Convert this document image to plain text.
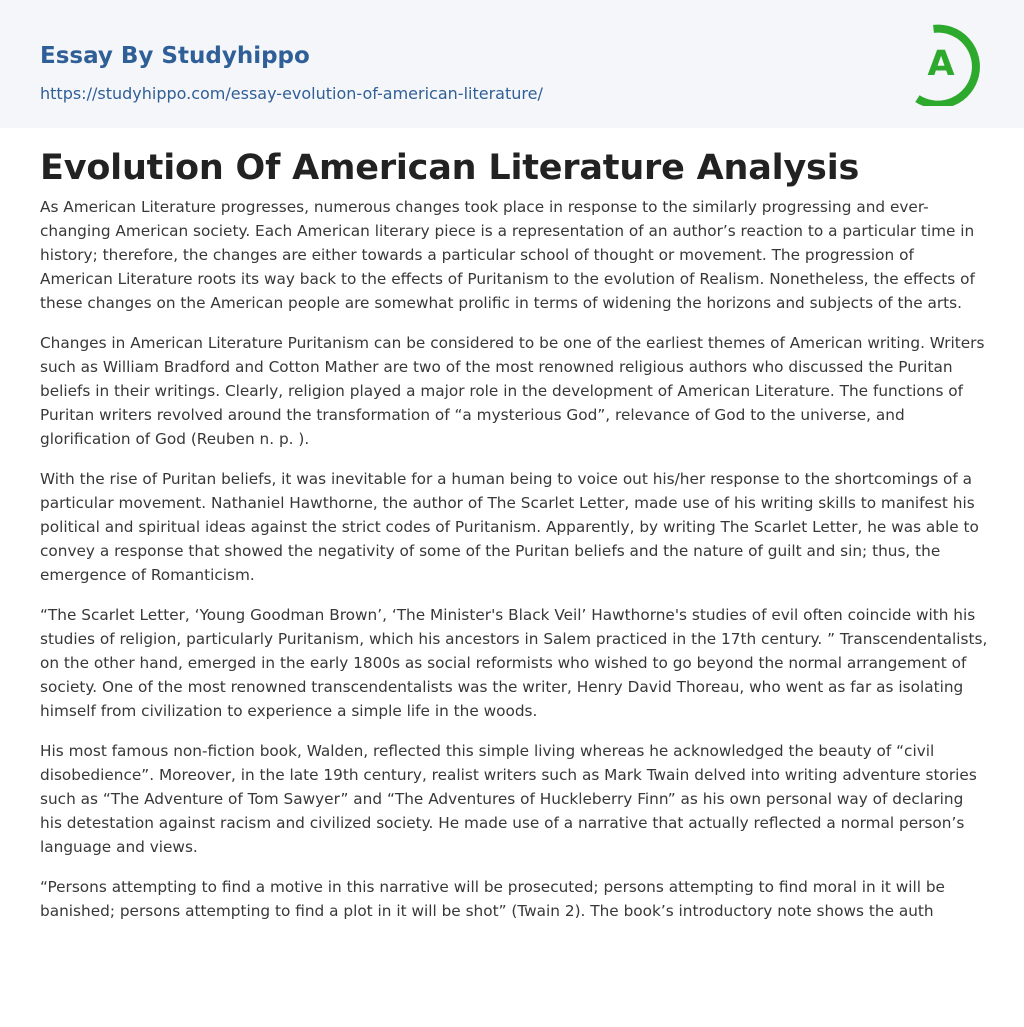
Essay By Studyhippo
https://studyhippo.com/essay-evolution-of-american-literature/
A
Evolution Of American Literature Analysis

As American Literature progresses, numerous changes took place in response to the similarly progressing and ever-changing American society. Each American literary piece is a representation of an author’s reaction to a particular time in history; therefore, the changes are either towards a particular school of thought or movement. The progression of American Literature roots its way back to the effects of Puritanism to the evolution of Realism. Nonetheless, the effects of these changes on the American people are somewhat prolific in terms of widening the horizons and subjects of the arts.

Changes in American Literature Puritanism can be considered to be one of the earliest themes of American writing. Writers such as William Bradford and Cotton Mather are two of the most renowned religious authors who discussed the Puritan beliefs in their writings. Clearly, religion played a major role in the development of American Literature. The functions of Puritan writers revolved around the transformation of “a mysterious God”, relevance of God to the universe, and glorification of God (Reuben n. p. ).

With the rise of Puritan beliefs, it was inevitable for a human being to voice out his/her response to the shortcomings of a particular movement. Nathaniel Hawthorne, the author of The Scarlet Letter, made use of his writing skills to manifest his political and spiritual ideas against the strict codes of Puritanism. Apparently, by writing The Scarlet Letter, he was able to convey a response that showed the negativity of some of the Puritan beliefs and the nature of guilt and sin; thus, the emergence of Romanticism.

“The Scarlet Letter, ‘Young Goodman Brown’, ‘The Minister's Black Veil’ Hawthorne's studies of evil often coincide with his studies of religion, particularly Puritanism, which his ancestors in Salem practiced in the 17th century. ” Transcendentalists, on the other hand, emerged in the early 1800s as social reformists who wished to go beyond the normal arrangement of society. One of the most renowned transcendentalists was the writer, Henry David Thoreau, who went as far as isolating himself from civilization to experience a simple life in the woods.

His most famous non-fiction book, Walden, reflected this simple living whereas he acknowledged the beauty of “civil disobedience”. Moreover, in the late 19th century, realist writers such as Mark Twain delved into writing adventure stories such as “The Adventure of Tom Sawyer” and “The Adventures of Huckleberry Finn” as his own personal way of declaring his detestation against racism and civilized society. He made use of a narrative that actually reflected a normal person’s language and views.

“Persons attempting to find a motive in this narrative will be prosecuted; persons attempting to find moral in it will be banished; persons attempting to find a plot in it will be shot” (Twain 2). The book’s introductory note shows the auth
